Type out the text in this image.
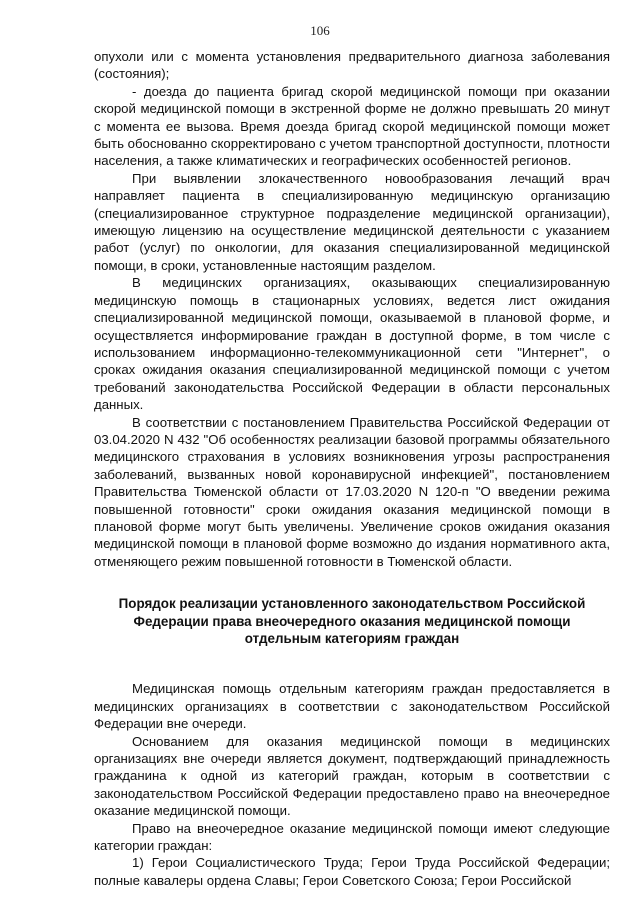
106

опухоли или с момента установления предварительного диагноза заболевания (состояния);

- доезда до пациента бригад скорой медицинской помощи при оказании скорой медицинской помощи в экстренной форме не должно превышать 20 минут с момента ее вызова. Время доезда бригад скорой медицинской помощи может быть обоснованно скорректировано с учетом транспортной доступности, плотности населения, а также климатических и географических особенностей регионов.

При выявлении злокачественного новообразования лечащий врач направляет пациента в специализированную медицинскую организацию (специализированное структурное подразделение медицинской организации), имеющую лицензию на осуществление медицинской деятельности с указанием работ (услуг) по онкологии, для оказания специализированной медицинской помощи, в сроки, установленные настоящим разделом.

В медицинских организациях, оказывающих специализированную медицинскую помощь в стационарных условиях, ведется лист ожидания специализированной медицинской помощи, оказываемой в плановой форме, и осуществляется информирование граждан в доступной форме, в том числе с использованием информационно-телекоммуникационной сети "Интернет", о сроках ожидания оказания специализированной медицинской помощи с учетом требований законодательства Российской Федерации в области персональных данных.

В соответствии с постановлением Правительства Российской Федерации от 03.04.2020 N 432 "Об особенностях реализации базовой программы обязательного медицинского страхования в условиях возникновения угрозы распространения заболеваний, вызванных новой коронавирусной инфекцией", постановлением Правительства Тюменской области от 17.03.2020 N 120-п "О введении режима повышенной готовности" сроки ожидания оказания медицинской помощи в плановой форме могут быть увеличены. Увеличение сроков ожидания оказания медицинской помощи в плановой форме возможно до издания нормативного акта, отменяющего режим повышенной готовности в Тюменской области.

Порядок реализации установленного законодательством Российской Федерации права внеочередного оказания медицинской помощи отдельным категориям граждан

Медицинская помощь отдельным категориям граждан предоставляется в медицинских организациях в соответствии с законодательством Российской Федерации вне очереди.

Основанием для оказания медицинской помощи в медицинских организациях вне очереди является документ, подтверждающий принадлежность гражданина к одной из категорий граждан, которым в соответствии с законодательством Российской Федерации предоставлено право на внеочередное оказание медицинской помощи.

Право на внеочередное оказание медицинской помощи имеют следующие категории граждан:

1) Герои Социалистического Труда; Герои Труда Российской Федерации; полные кавалеры ордена Славы; Герои Советского Союза; Герои Российской
